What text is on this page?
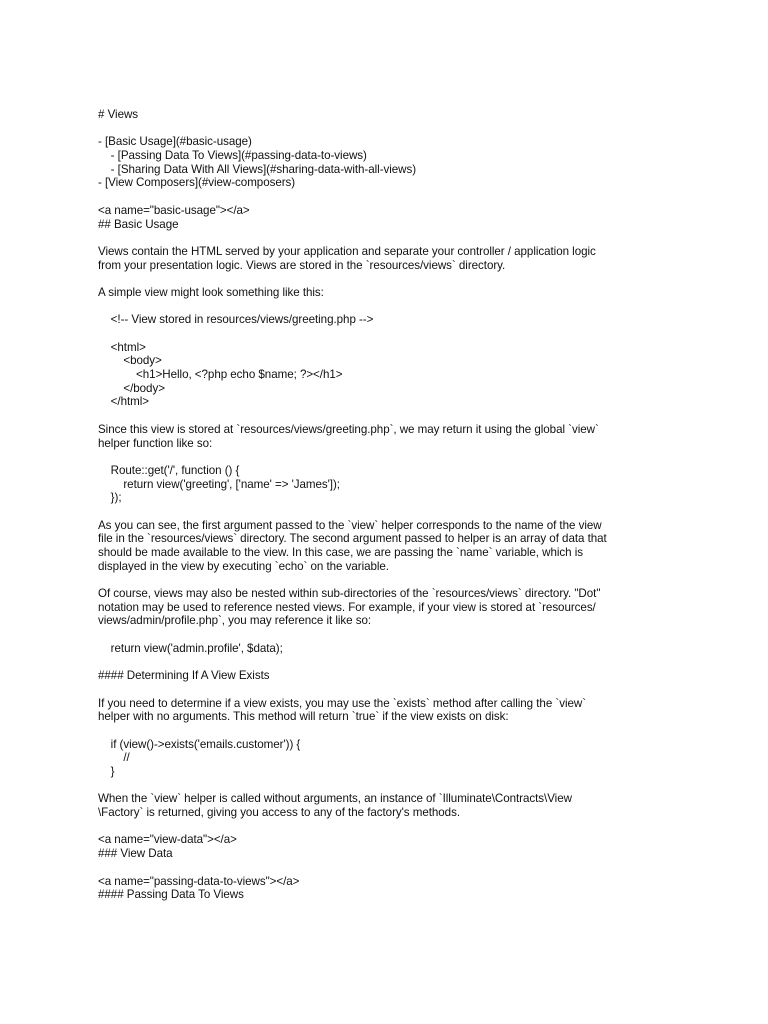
# Views
- [Basic Usage](#basic-usage)
- [Passing Data To Views](#passing-data-to-views)
- [Sharing Data With All Views](#sharing-data-with-all-views)
- [View Composers](#view-composers)
<a name="basic-usage"></a>
## Basic Usage
Views contain the HTML served by your application and separate your controller / application logic
from your presentation logic. Views are stored in the `resources/views` directory.
A simple view might look something like this:
<!-- View stored in resources/views/greeting.php -->
<html>
<body>
<h1>Hello, <?php echo $name; ?></h1>
</body>
</html>
Since this view is stored at `resources/views/greeting.php`, we may return it using the global `view`
helper function like so:
Route::get('/', function () {
return view('greeting', ['name' => 'James']);
});
As you can see, the first argument passed to the `view` helper corresponds to the name of the view
file in the `resources/views` directory. The second argument passed to helper is an array of data that
should be made available to the view. In this case, we are passing the `name` variable, which is
displayed in the view by executing `echo` on the variable.
Of course, views may also be nested within sub-directories of the `resources/views` directory. "Dot"
notation may be used to reference nested views. For example, if your view is stored at `resources/
views/admin/profile.php`, you may reference it like so:
return view('admin.profile', $data);
#### Determining If A View Exists
If you need to determine if a view exists, you may use the `exists` method after calling the `view`
helper with no arguments. This method will return `true` if the view exists on disk:
if (view()->exists('emails.customer')) {
//
}
When the `view` helper is called without arguments, an instance of `Illuminate\Contracts\View
\Factory` is returned, giving you access to any of the factory's methods.
<a name="view-data"></a>
### View Data
<a name="passing-data-to-views"></a>
#### Passing Data To Views
